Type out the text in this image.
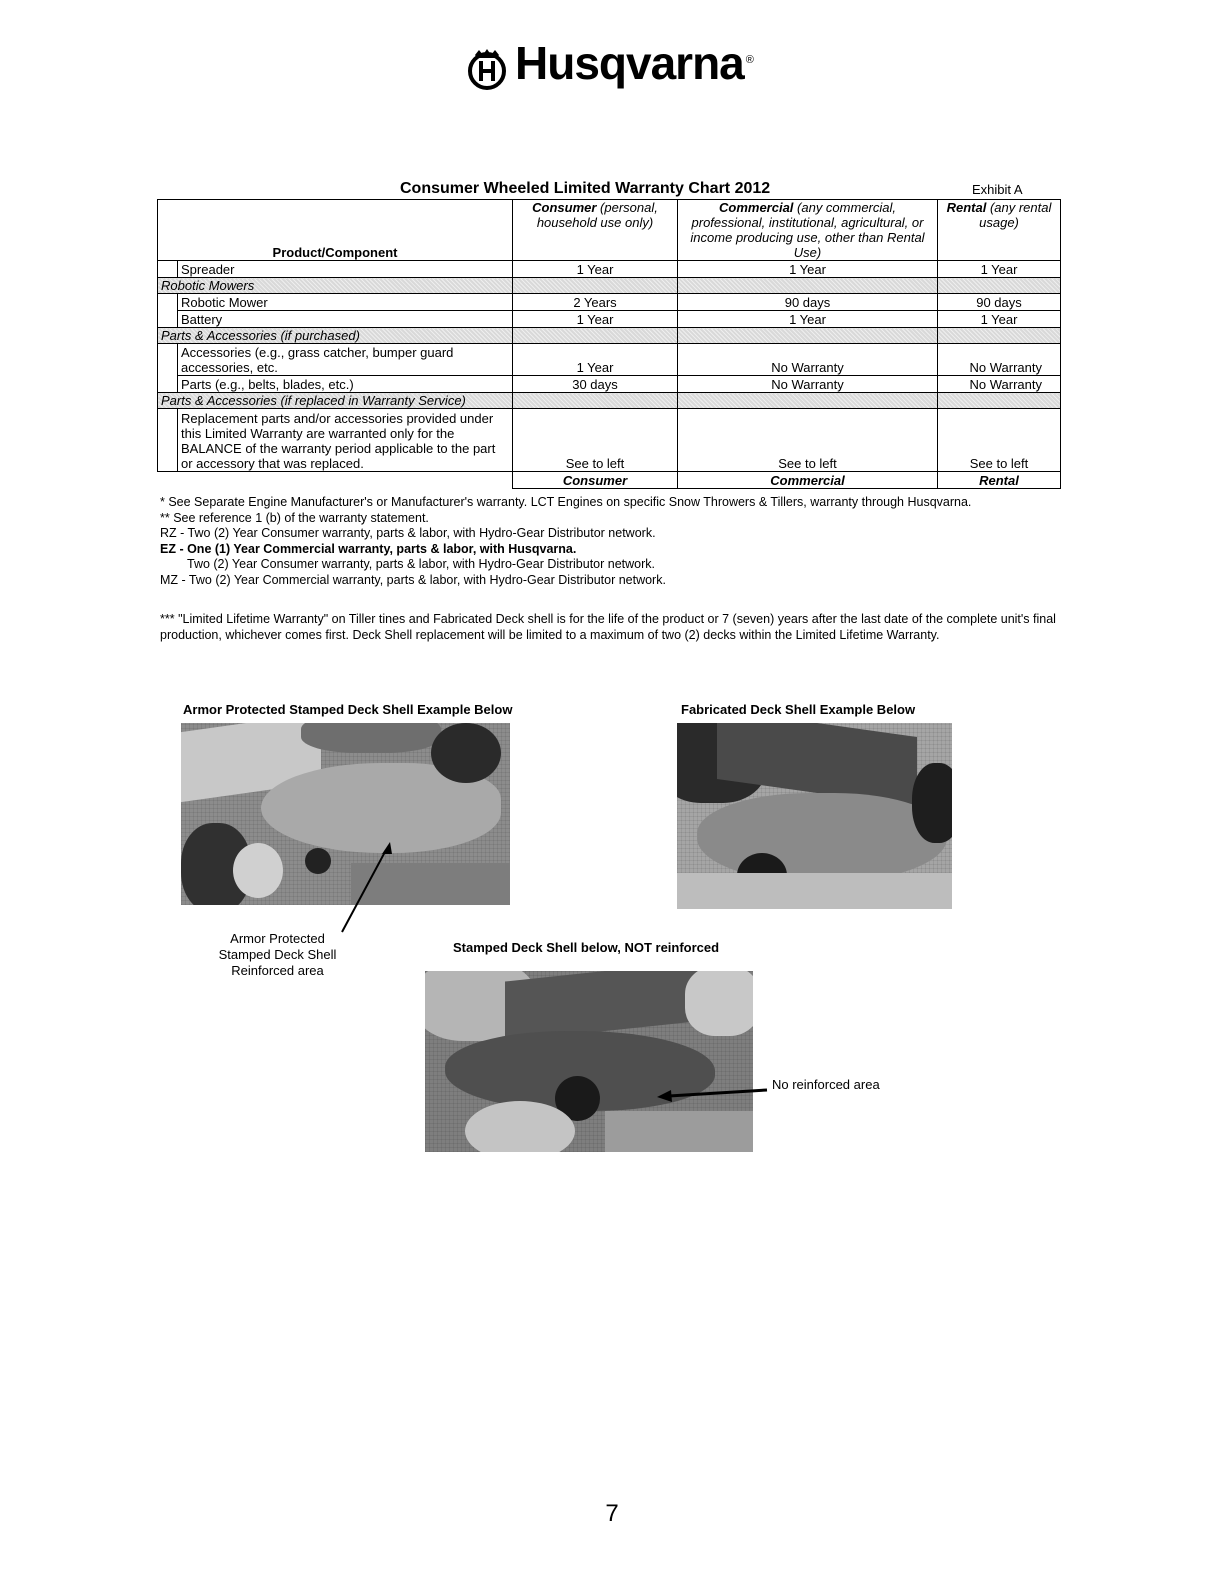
Husqvarna ®
Consumer Wheeled Limited Warranty Chart 2012	Exhibit A
Product/Component		Consumer (personal, household use only)	Commercial (any commercial, professional, institutional, agricultural, or income producing use, other than Rental Use)	Rental (any rental usage)
	Spreader	1 Year	1 Year	1 Year
Robotic Mowers				
	Robotic Mower	2 Years	90 days	90 days
	Battery	1 Year	1 Year	1 Year
Parts & Accessories (if purchased)				
	Accessories (e.g., grass catcher, bumper guard accessories, etc.	1 Year	No Warranty	No Warranty
	Parts (e.g., belts, blades, etc.)	30 days	No Warranty	No Warranty
Parts & Accessories (if replaced in Warranty Service)				
	Replacement parts and/or accessories provided under this Limited Warranty are warranted only for the BALANCE of the warranty period applicable to the part or accessory that was replaced.	See to left	See to left	See to left
		Consumer	Commercial	Rental

* See Separate Engine Manufacturer's or Manufacturer's warranty. LCT Engines on specific Snow Throwers & Tillers, warranty through Husqvarna.

** See reference 1 (b) of the warranty statement.

RZ - Two (2) Year Consumer warranty, parts & labor, with Hydro-Gear Distributor network.

EZ - One (1) Year Commercial warranty, parts & labor, with Husqvarna.

Two (2) Year Consumer warranty, parts & labor, with Hydro-Gear Distributor network.

MZ - Two (2) Year Commercial warranty, parts & labor, with Hydro-Gear Distributor network.

*** "Limited Lifetime Warranty" on Tiller tines and Fabricated Deck shell is for the life of the product or 7 (seven) years after the last date of the complete unit's final production, whichever comes first. Deck Shell replacement will be limited to a maximum of two (2) decks within the Limited Lifetime Warranty.

Armor Protected Stamped Deck Shell Example Below	Fabricated Deck Shell Example Below
Armor Protected
Stamped Deck Shell
Reinforced area
Stamped Deck Shell below, NOT reinforced
No reinforced area
7
